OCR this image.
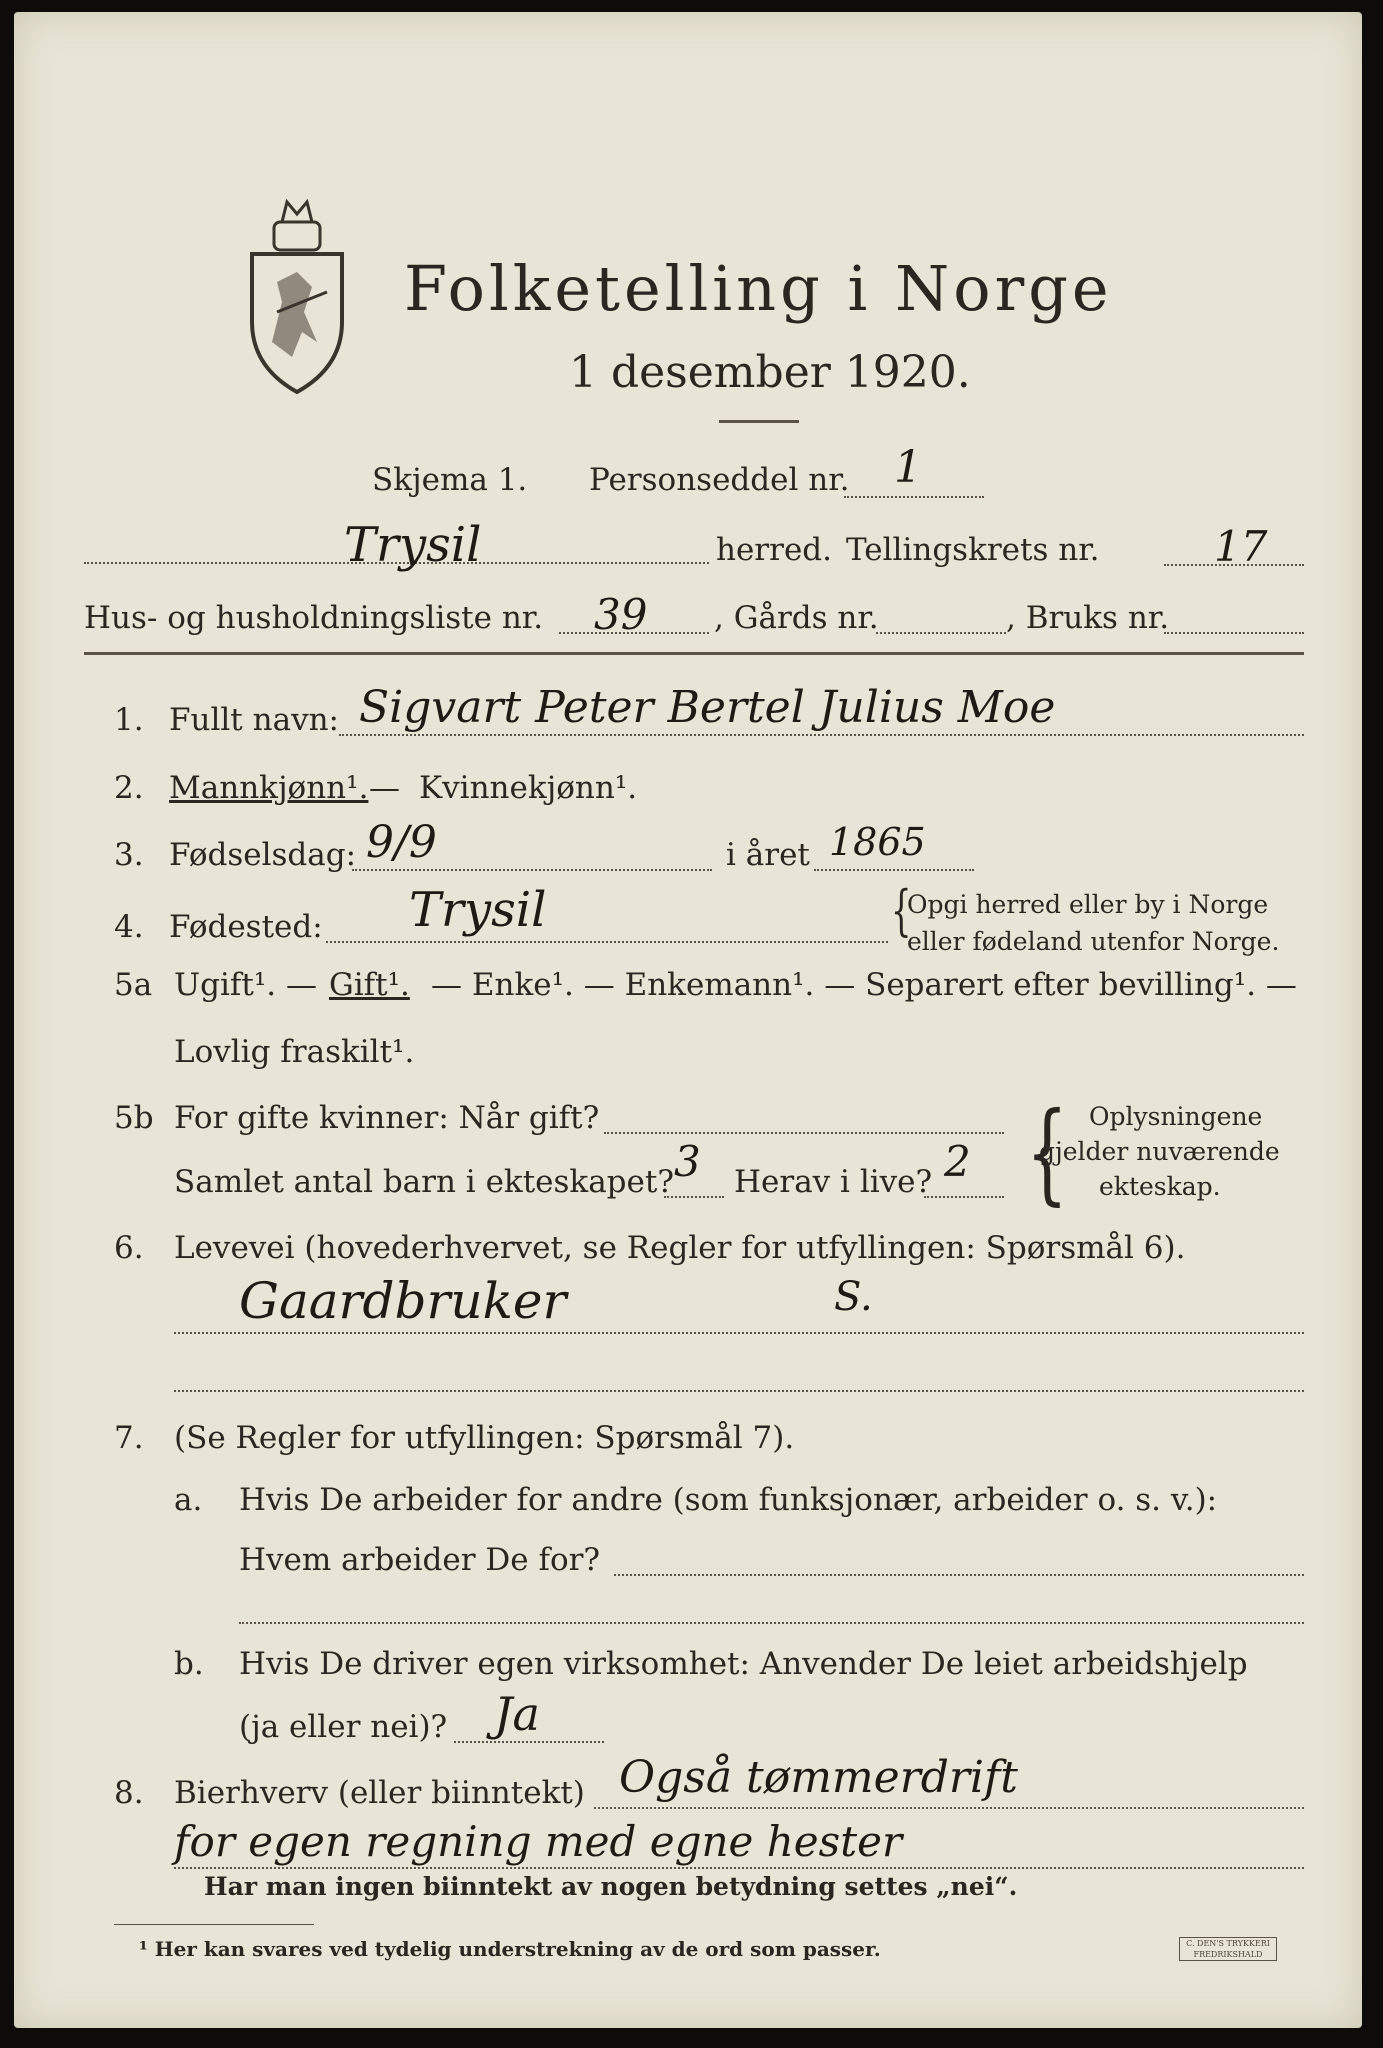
Folketelling i Norge
1 desember 1920.
Skjema 1. Personseddel nr. 1
Trysil	herred. Tellingskrets nr.	17
Hus- og husholdningsliste nr. 39 , Gårds nr.	, Bruks nr.
1. Fullt navn: Sigvart Peter Bertel Julius Moe
2. Mannkjønn¹. — Kvinnekjønn¹.
3. Fødselsdag: 9/9	i året 1865
4. Fødested: Trysil	{
Opgi herred eller by i Norge
eller fødeland utenfor Norge.
5a Ugift¹. — Gift¹. — Enke¹. — Enkemann¹. — Separert efter bevilling¹. —
Lovlig fraskilt¹.
5b For gifte kvinner: Når gift?
Samlet antal barn i ekteskapet? 3 Herav i live? 2 { Oplysningene
gjelder nuværende
ekteskap.
6. Levevei (hovederhvervet, se Regler for utfyllingen: Spørsmål 6).
Gaardbruker	S.
7. (Se Regler for utfyllingen: Spørsmål 7).
a. Hvis De arbeider for andre (som funksjonær, arbeider o. s. v.):
Hvem arbeider De for?
b. Hvis De driver egen virksomhet: Anvender De leiet arbeidshjelp
(ja eller nei)? Ja
8. Bierhverv (eller biinntekt) Også tømmerdrift
for egen regning med egne hester
Har man ingen biinntekt av nogen betydning settes „nei“.
¹ Her kan svares ved tydelig understrekning av de ord som passer.	C. DEN'S TRYKKERI
FREDRIKSHALD
